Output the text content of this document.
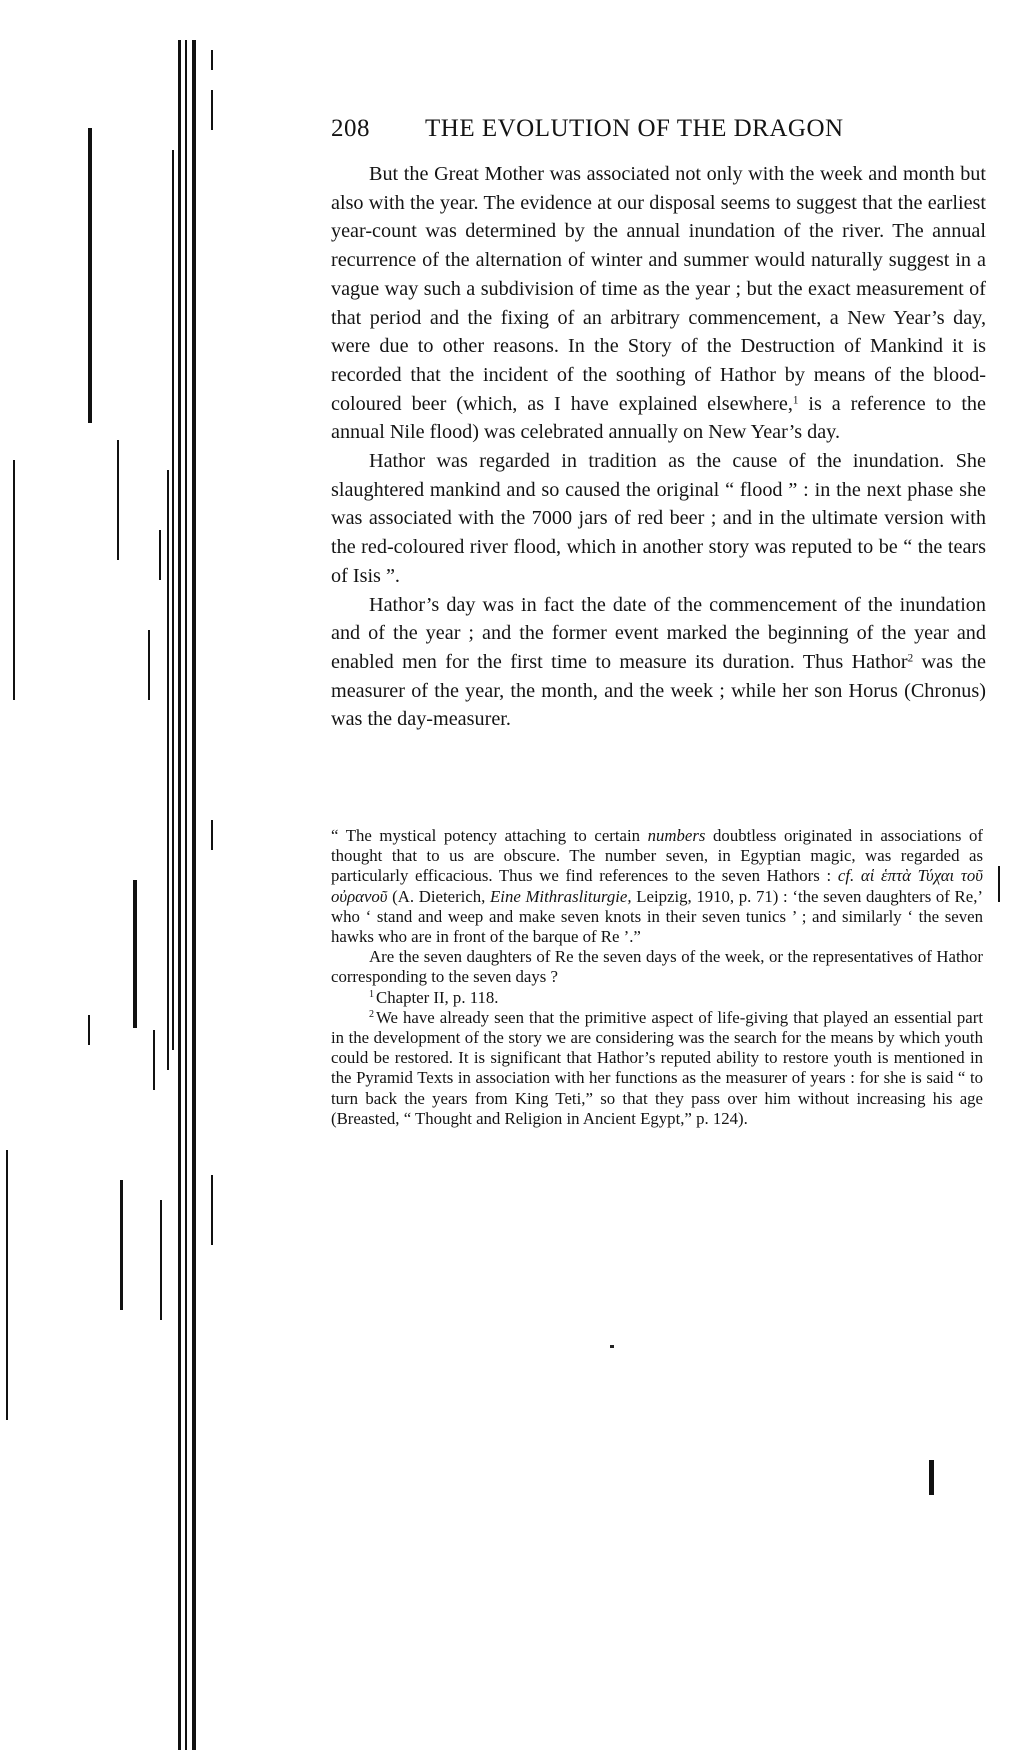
208 THE EVOLUTION OF THE DRAGON

But the Great Mother was associated not only with the week and month but also with the year. The evidence at our disposal seems to suggest that the earliest year-count was determined by the annual inundation of the river. The annual recurrence of the alternation of winter and summer would naturally suggest in a vague way such a subdivision of time as the year ; but the exact measurement of that period and the fixing of an arbitrary commencement, a New Year’s day, were due to other reasons. In the Story of the Destruction of Mankind it is recorded that the incident of the soothing of Hathor by means of the blood-coloured beer (which, as I have explained elsewhere,$^1$ is a reference to the annual Nile flood) was celebrated annually on New Year’s day.

Hathor was regarded in tradition as the cause of the inundation. She slaughtered mankind and so caused the original “ flood ” : in the next phase she was associated with the 7000 jars of red beer ; and in the ultimate version with the red-coloured river flood, which in another story was reputed to be “ the tears of Isis ”.

Hathor’s day was in fact the date of the commencement of the inundation and of the year ; and the former event marked the beginning of the year and enabled men for the first time to measure its duration. Thus Hathor$^2$ was the measurer of the year, the month, and the week ; while her son Horus (Chronus) was the day-measurer.

“ The mystical potency attaching to certain numbers doubtless originated in associations of thought that to us are obscure. The number seven, in Egyptian magic, was regarded as particularly efficacious. Thus we find references to the seven Hathors : cf. αἱ ἑπτὰ Τύχαι τοῦ οὐρανοῦ (A. Dieterich, Eine Mithrasliturgie, Leipzig, 1910, p. 71) : ‘the seven daughters of Re,’ who ‘ stand and weep and make seven knots in their seven tunics ’ ; and similarly ‘ the seven hawks who are in front of the barque of Re ’.”

Are the seven daughters of Re the seven days of the week, or the representatives of Hathor corresponding to the seven days ?

$^1$ Chapter II, p. 118.

$^2$ We have already seen that the primitive aspect of life-giving that played an essential part in the development of the story we are considering was the search for the means by which youth could be restored. It is significant that Hathor’s reputed ability to restore youth is mentioned in the Pyramid Texts in association with her functions as the measurer of years : for she is said “ to turn back the years from King Teti,” so that they pass over him without increasing his age (Breasted, “ Thought and Religion in Ancient Egypt,” p. 124).
